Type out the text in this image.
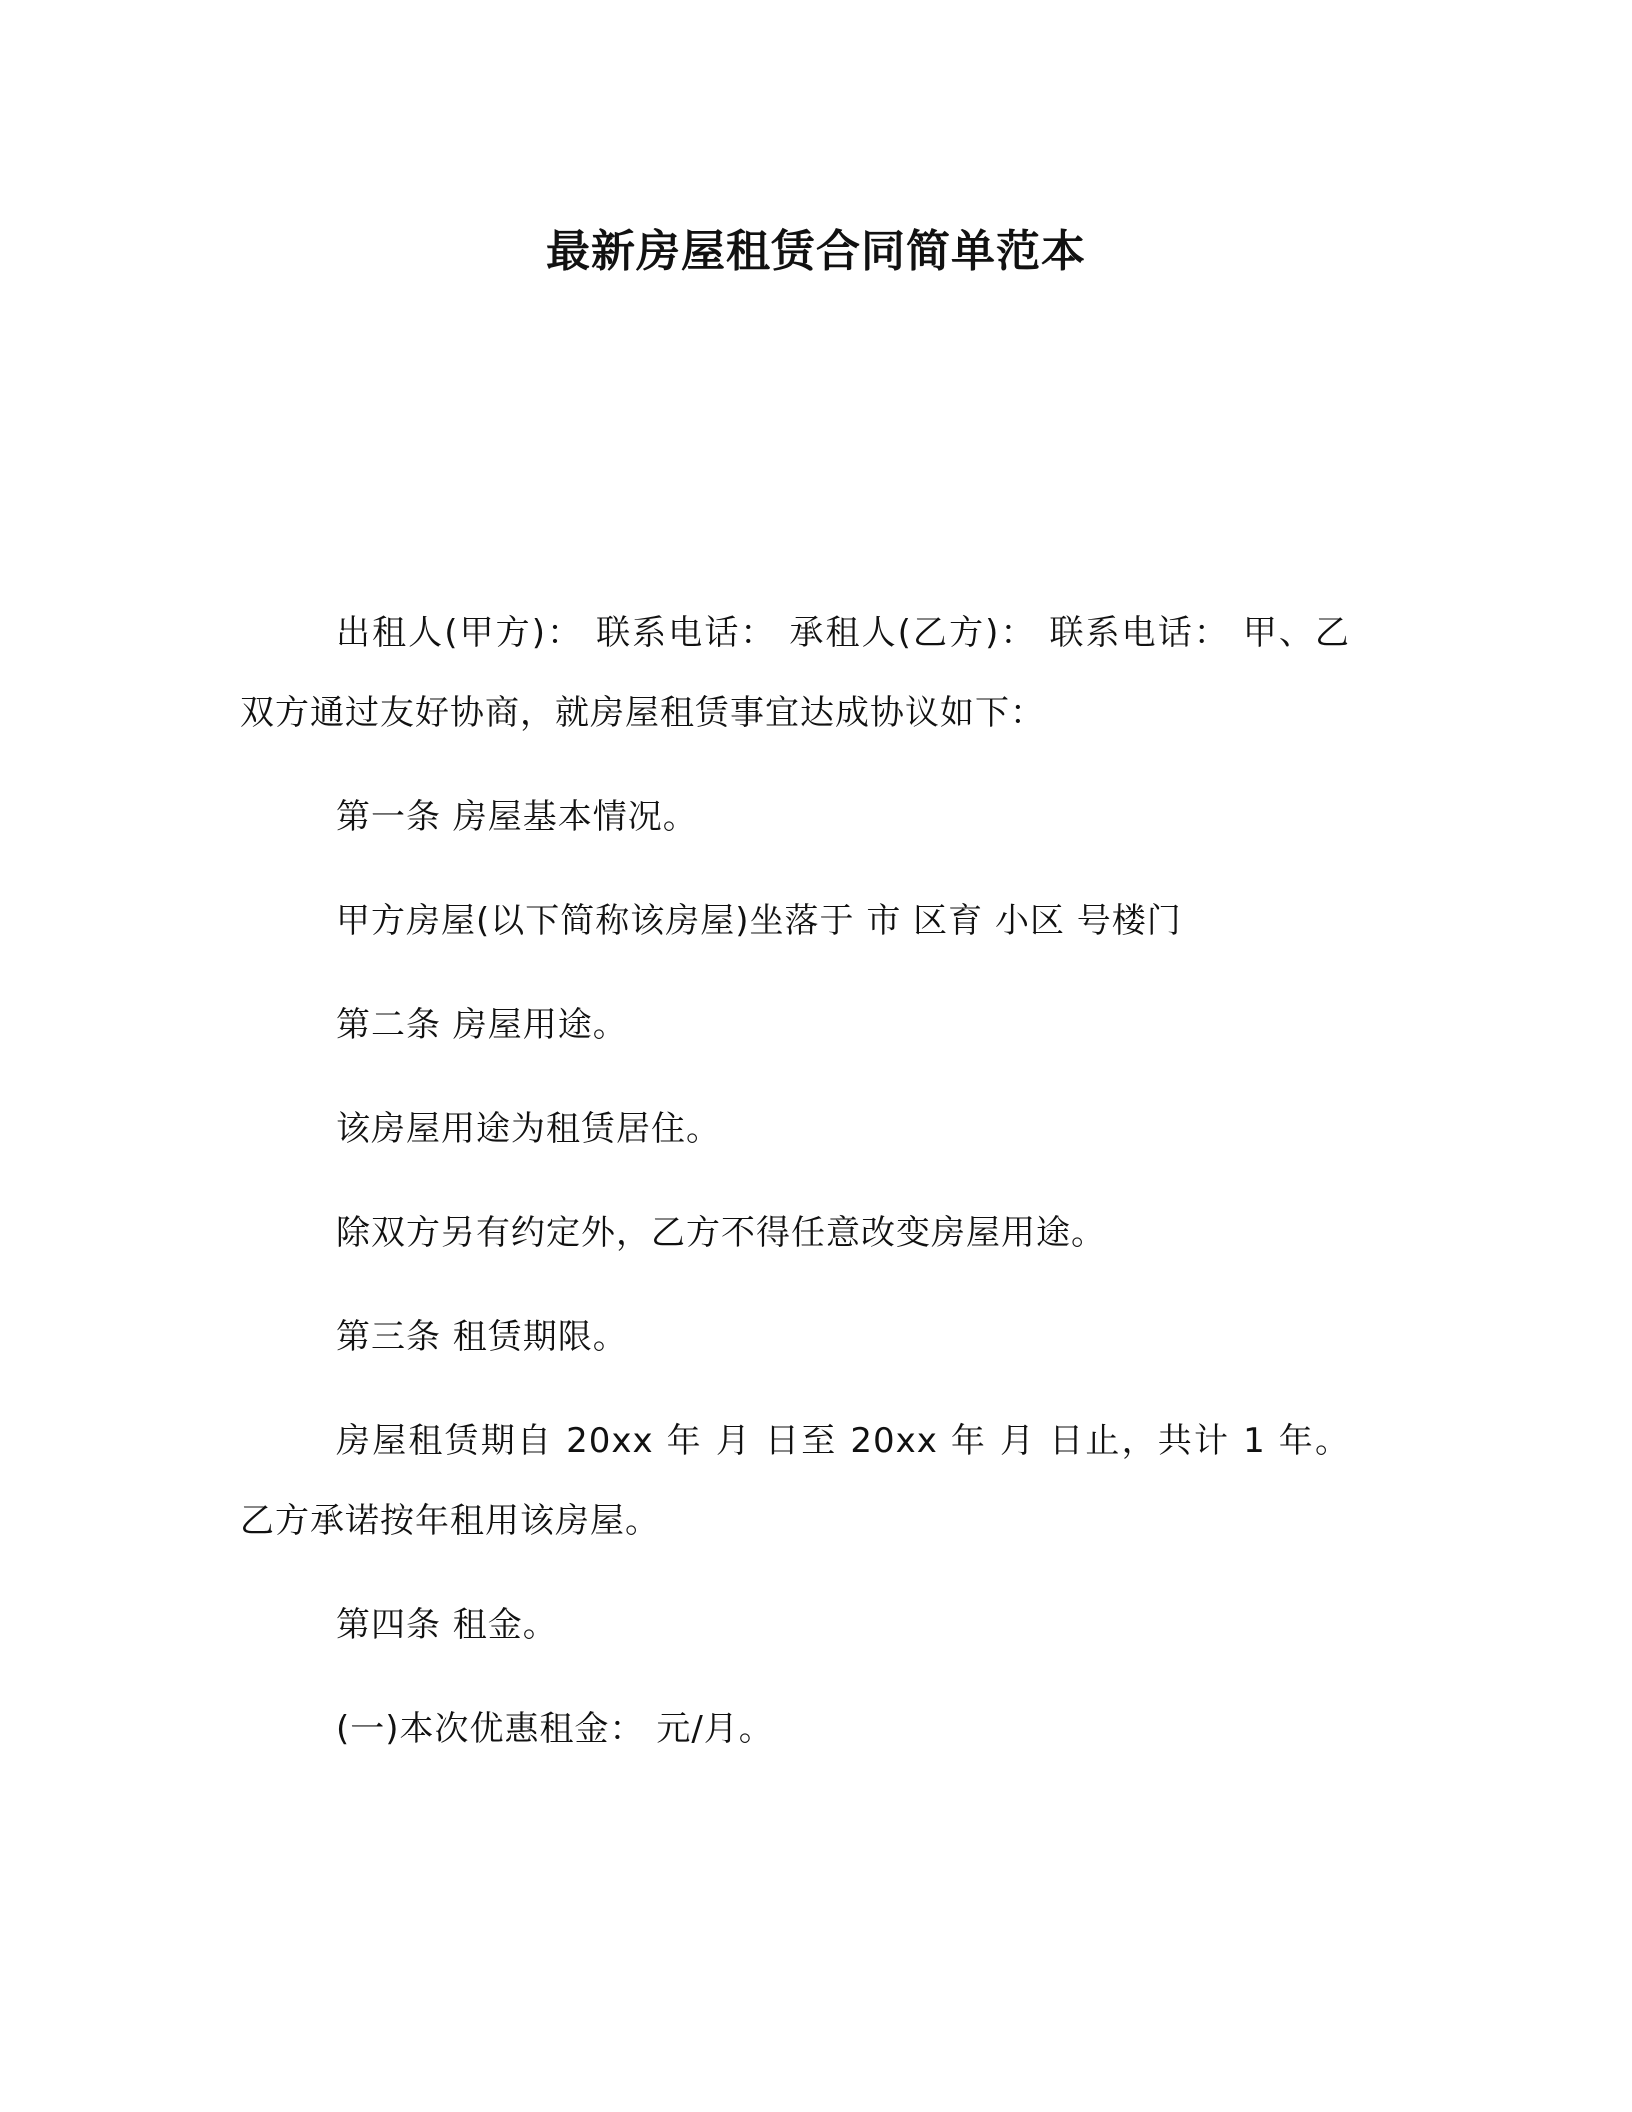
最新房屋租赁合同简单范本

出租人(甲方)： 联系电话： 承租人(乙方)： 联系电话： 甲、乙双方通过友好协商，就房屋租赁事宜达成协议如下：

第一条 房屋基本情况。

甲方房屋(以下简称该房屋)坐落于 市 区育 小区 号楼门

第二条 房屋用途。

该房屋用途为租赁居住。

除双方另有约定外，乙方不得任意改变房屋用途。

第三条 租赁期限。

房屋租赁期自 20xx 年 月 日至 20xx 年 月 日止，共计 1 年。乙方承诺按年租用该房屋。

第四条 租金。

(一)本次优惠租金： 元/月。
